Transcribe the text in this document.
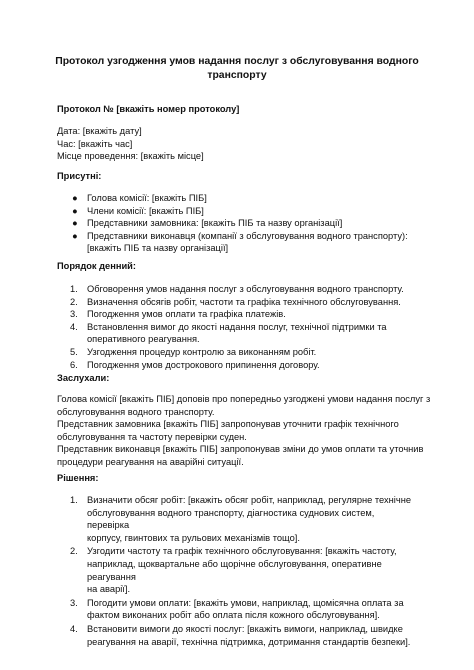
Протокол узгодження умов надання послуг з обслуговування водного
транспорту
Протокол № [вкажіть номер протоколу]
Дата: [вкажіть дату]
Час: [вкажіть час]
Місце проведення: [вкажіть місце]
Присутні:
● Голова комісії: [вкажіть ПІБ]
● Члени комісії: [вкажіть ПІБ]
● Представники замовника: [вкажіть ПІБ та назву організації]
● Представники виконавця (компанії з обслуговування водного транспорту):
[вкажіть ПІБ та назву організації]
Порядок денний:
1. Обговорення умов надання послуг з обслуговування водного транспорту.
2. Визначення обсягів робіт, частоти та графіка технічного обслуговування.
3. Погодження умов оплати та графіка платежів.
4. Встановлення вимог до якості надання послуг, технічної підтримки та
оперативного реагування.
5. Узгодження процедур контролю за виконанням робіт.
6. Погодження умов дострокового припинення договору.
Заслухали:
Голова комісії [вкажіть ПІБ] доповів про попередньо узгоджені умови надання послуг з
обслуговування водного транспорту.
Представник замовника [вкажіть ПІБ] запропонував уточнити графік технічного
обслуговування та частоту перевірки суден.
Представник виконавця [вкажіть ПІБ] запропонував зміни до умов оплати та уточнив
процедури реагування на аварійні ситуації.
Рішення:
1. Визначити обсяг робіт: [вкажіть обсяг робіт, наприклад, регулярне технічне
обслуговування водного транспорту, діагностика суднових систем, перевірка
корпусу, гвинтових та рульових механізмів тощо].
2. Узгодити частоту та графік технічного обслуговування: [вкажіть частоту,
наприклад, щоквартальне або щорічне обслуговування, оперативне реагування
на аварії].
3. Погодити умови оплати: [вкажіть умови, наприклад, щомісячна оплата за
фактом виконаних робіт або оплата після кожного обслуговування].
4. Встановити вимоги до якості послуг: [вкажіть вимоги, наприклад, швидке
реагування на аварії, технічна підтримка, дотримання стандартів безпеки].
